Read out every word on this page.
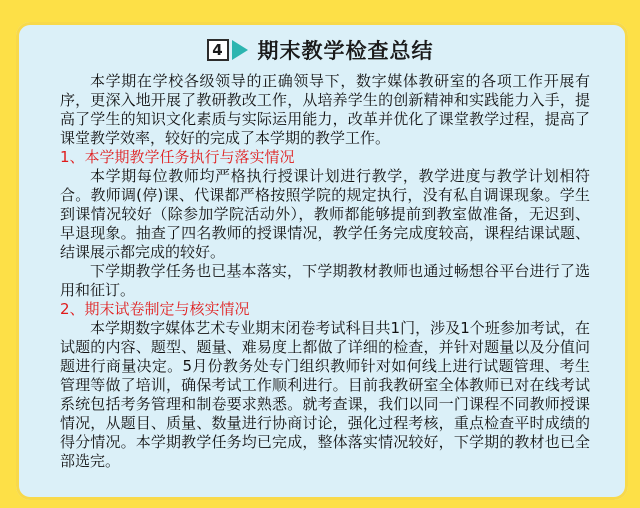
4 期末教学检查总结

本学期在学校各级领导的正确领导下，数字媒体教研室的各项工作开展有序，更深入地开展了教研教改工作，从培养学生的创新精神和实践能力入手，提高了学生的知识文化素质与实际运用能力，改革并优化了课堂教学过程，提高了课堂教学效率，较好的完成了本学期的教学工作。

1、本学期教学任务执行与落实情况

本学期每位教师均严格执行授课计划进行教学，教学进度与教学计划相符合。教师调(停)课、代课都严格按照学院的规定执行，没有私自调课现象。学生到课情况较好（除参加学院活动外），教师都能够提前到教室做准备，无迟到、早退现象。抽查了四名教师的授课情况，教学任务完成度较高，课程结课试题、结课展示都完成的较好。

下学期教学任务也已基本落实，下学期教材教师也通过畅想谷平台进行了选用和征订。

2、期末试卷制定与核实情况

本学期数字媒体艺术专业期末闭卷考试科目共1门，涉及1个班参加考试，在试题的内容、题型、题量、难易度上都做了详细的检查，并针对题量以及分值问题进行商量决定。5月份教务处专门组织教师针对如何线上进行试题管理、考生管理等做了培训，确保考试工作顺利进行。目前我教研室全体教师已对在线考试系统包括考务管理和制卷要求熟悉。就考查课，我们以同一门课程不同教师授课情况，从题目、质量、数量进行协商讨论，强化过程考核，重点检查平时成绩的得分情况。本学期教学任务均已完成，整体落实情况较好，下学期的教材也已全部选完。
